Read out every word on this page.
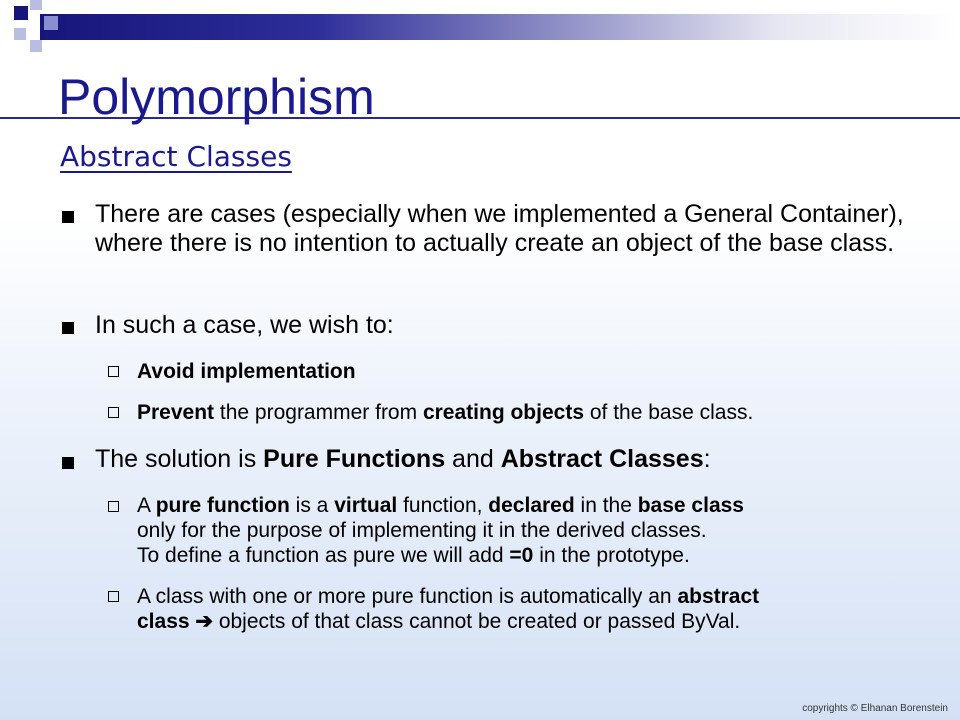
Polymorphism
Abstract Classes
There are cases (especially when we implemented a General Container), where there is no intention to actually create an object of the base class.
In such a case, we wish to:
Avoid implementation
Prevent the programmer from creating objects of the base class.
The solution is Pure Functions and Abstract Classes:
A pure function is a virtual function, declared in the base class
only for the purpose of implementing it in the derived classes.
To define a function as pure we will add =0 in the prototype.
A class with one or more pure function is automatically an abstract
class ➔ objects of that class cannot be created or passed ByVal.
copyrights © Elhanan Borenstein
